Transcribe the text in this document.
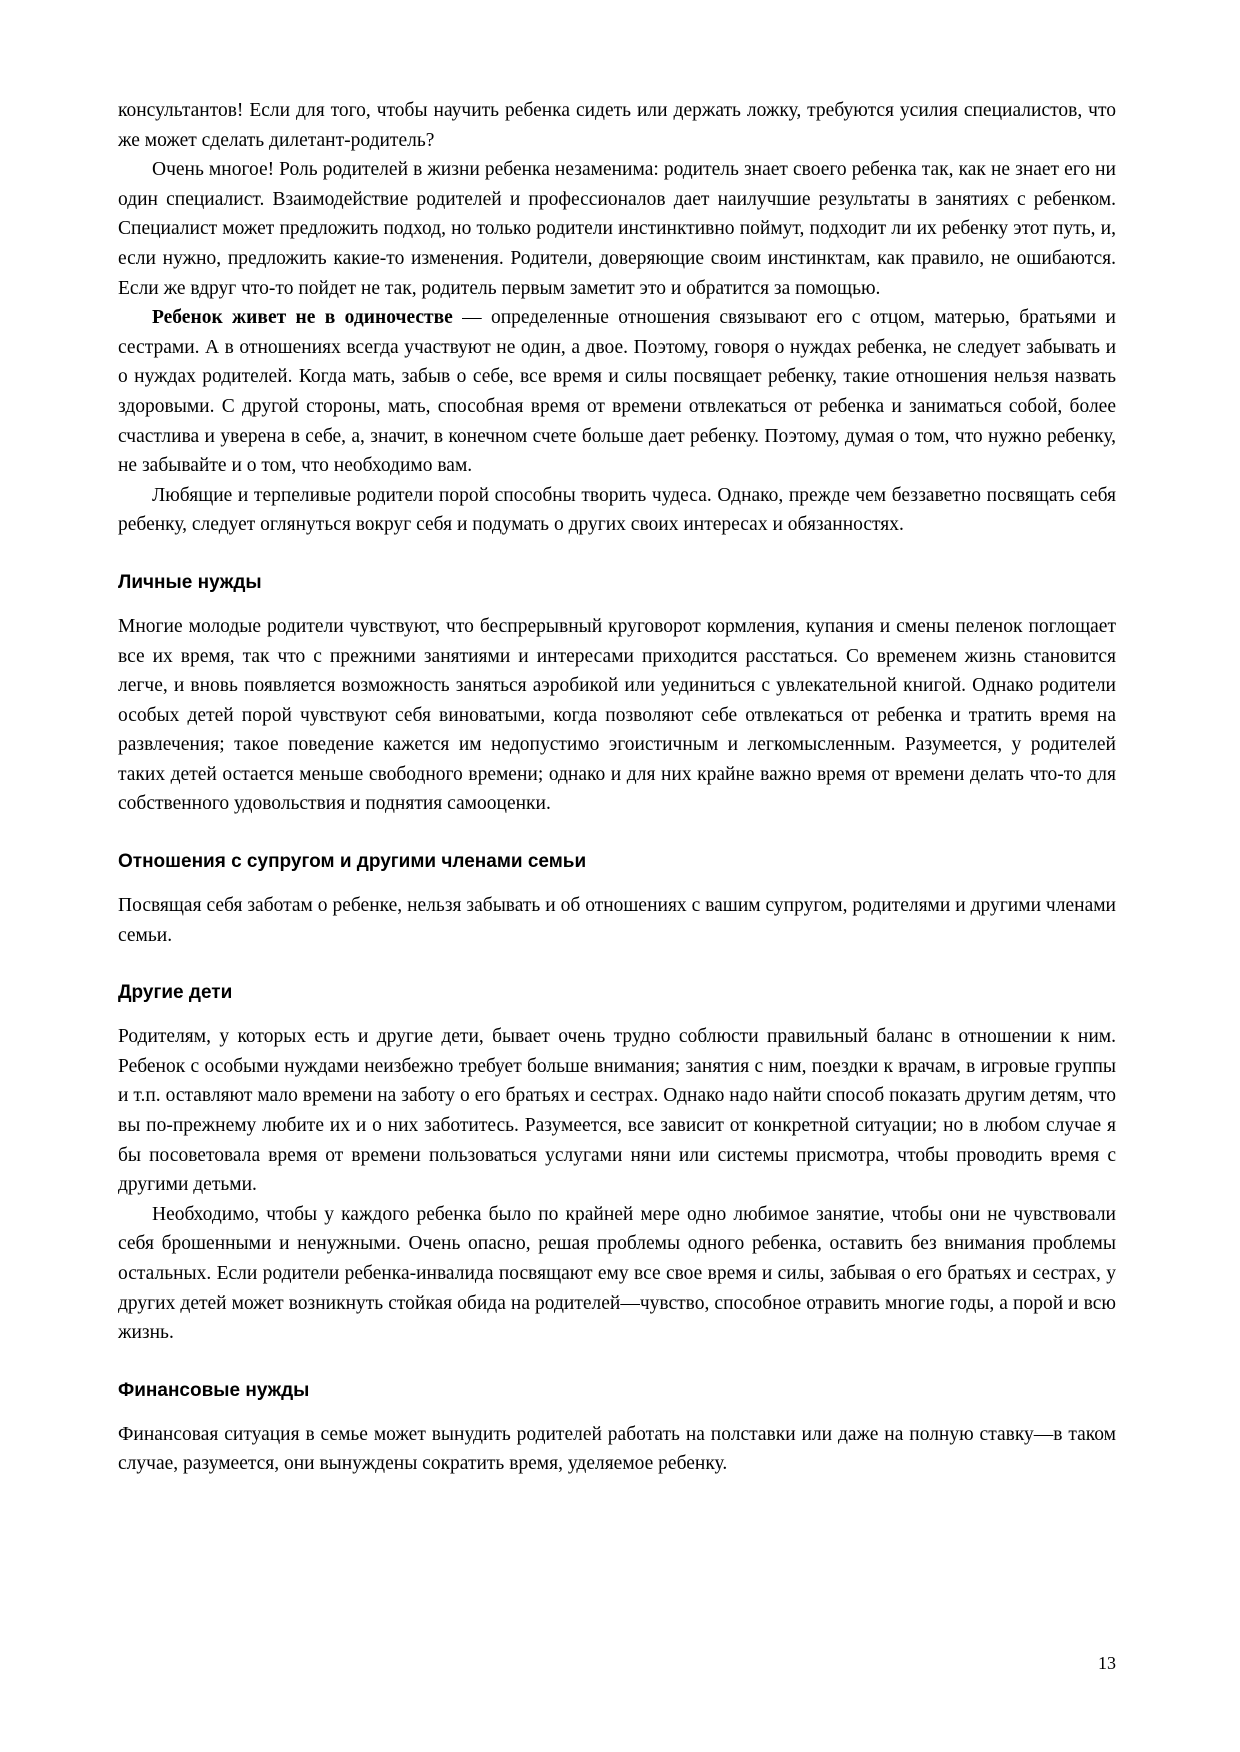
консультантов! Если для того, чтобы научить ребенка сидеть или держать ложку, требуются усилия специалистов, что же может сделать дилетант-родитель?

Очень многое! Роль родителей в жизни ребенка незаменима: родитель знает своего ребенка так, как не знает его ни один специалист. Взаимодействие родителей и профессионалов дает наилучшие результаты в занятиях с ребенком. Специалист может предложить подход, но только родители инстинктивно поймут, подходит ли их ребенку этот путь, и, если нужно, предложить какие-то изменения. Родители, доверяющие своим инстинктам, как правило, не ошибаются. Если же вдруг что-то пойдет не так, родитель первым заметит это и обратится за помощью.

Ребенок живет не в одиночестве — определенные отношения связывают его с отцом, матерью, братьями и сестрами. А в отношениях всегда участвуют не один, а двое. Поэтому, говоря о нуждах ребенка, не следует забывать и о нуждах родителей. Когда мать, забыв о себе, все время и силы посвящает ребенку, такие отношения нельзя назвать здоровыми. С другой стороны, мать, способная время от времени отвлекаться от ребенка и заниматься собой, более счастлива и уверена в себе, а, значит, в конечном счете больше дает ребенку. Поэтому, думая о том, что нужно ребенку, не забывайте и о том, что необходимо вам.

Любящие и терпеливые родители порой способны творить чудеса. Однако, прежде чем беззаветно посвящать себя ребенку, следует оглянуться вокруг себя и подумать о других своих интересах и обязанностях.

Личные нужды

Многие молодые родители чувствуют, что беспрерывный круговорот кормления, купания и смены пеленок поглощает все их время, так что с прежними занятиями и интересами приходится расстаться. Со временем жизнь становится легче, и вновь появляется возможность заняться аэробикой или уединиться с увлекательной книгой. Однако родители особых детей порой чувствуют себя виноватыми, когда позволяют себе отвлекаться от ребенка и тратить время на развлечения; такое поведение кажется им недопустимо эгоистичным и легкомысленным. Разумеется, у родителей таких детей остается меньше свободного времени; однако и для них крайне важно время от времени делать что-то для собственного удовольствия и поднятия самооценки.

Отношения с супругом и другими членами семьи

Посвящая себя заботам о ребенке, нельзя забывать и об отношениях с вашим супругом, родителями и другими членами семьи.

Другие дети

Родителям, у которых есть и другие дети, бывает очень трудно соблюсти правильный баланс в отношении к ним. Ребенок с особыми нуждами неизбежно требует больше внимания; занятия с ним, поездки к врачам, в игровые группы и т.п. оставляют мало времени на заботу о его братьях и сестрах. Однако надо найти способ показать другим детям, что вы по-прежнему любите их и о них заботитесь. Разумеется, все зависит от конкретной ситуации; но в любом случае я бы посоветовала время от времени пользоваться услугами няни или системы присмотра, чтобы проводить время с другими детьми.

Необходимо, чтобы у каждого ребенка было по крайней мере одно любимое занятие, чтобы они не чувствовали себя брошенными и ненужными. Очень опасно, решая проблемы одного ребенка, оставить без внимания проблемы остальных. Если родители ребенка-инвалида посвящают ему все свое время и силы, забывая о его братьях и сестрах, у других детей может возникнуть стойкая обида на родителей—чувство, способное отравить многие годы, а порой и всю жизнь.

Финансовые нужды

Финансовая ситуация в семье может вынудить родителей работать на полставки или даже на полную ставку—в таком случае, разумеется, они вынуждены сократить время, уделяемое ребенку.

13
